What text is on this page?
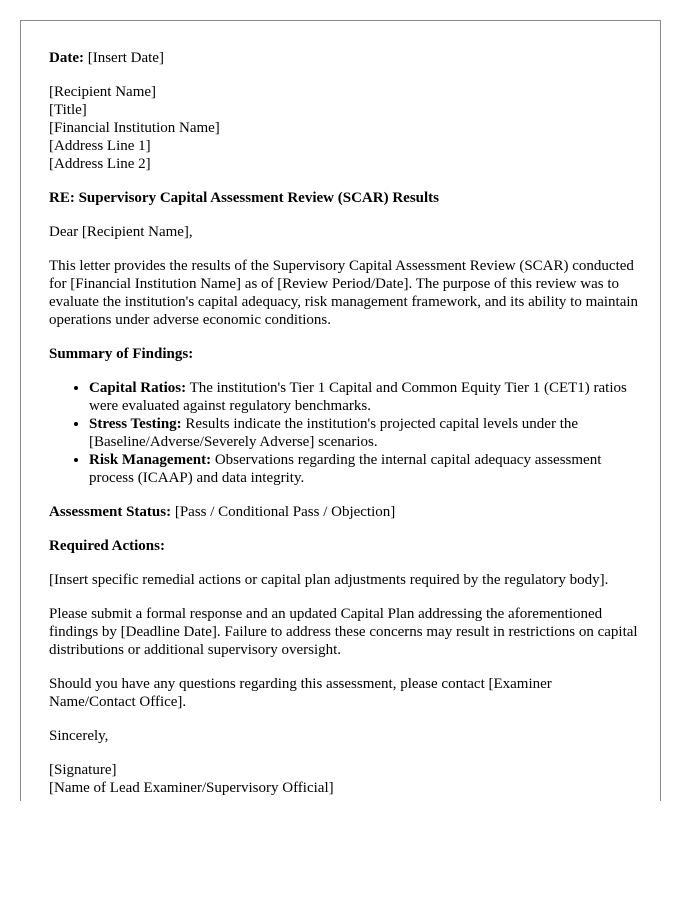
Date: [Insert Date]

[Recipient Name]
[Title]
[Financial Institution Name]
[Address Line 1]
[Address Line 2]

RE: Supervisory Capital Assessment Review (SCAR) Results

Dear [Recipient Name],

This letter provides the results of the Supervisory Capital Assessment Review (SCAR) conducted for [Financial Institution Name] as of [Review Period/Date]. The purpose of this review was to evaluate the institution's capital adequacy, risk management framework, and its ability to maintain operations under adverse economic conditions.

Summary of Findings:

• Capital Ratios: The institution's Tier 1 Capital and Common Equity Tier 1 (CET1) ratios were evaluated against regulatory benchmarks.
• Stress Testing: Results indicate the institution's projected capital levels under the [Baseline/Adverse/Severely Adverse] scenarios.
• Risk Management: Observations regarding the internal capital adequacy assessment process (ICAAP) and data integrity.

Assessment Status: [Pass / Conditional Pass / Objection]

Required Actions:

[Insert specific remedial actions or capital plan adjustments required by the regulatory body].

Please submit a formal response and an updated Capital Plan addressing the aforementioned findings by [Deadline Date]. Failure to address these concerns may result in restrictions on capital distributions or additional supervisory oversight.

Should you have any questions regarding this assessment, please contact [Examiner Name/Contact Office].

Sincerely,

[Signature]
[Name of Lead Examiner/Supervisory Official]
